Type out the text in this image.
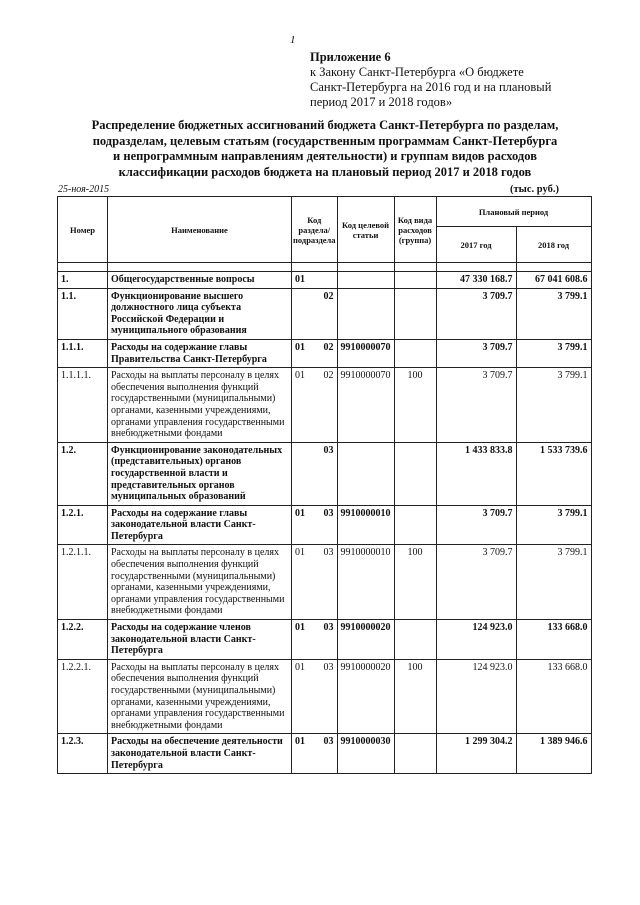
1
Приложение 6
к Закону Санкт-Петербурга «О бюджете
Санкт-Петербурга на 2016 год и на плановый
период 2017 и 2018 годов»
Распределение бюджетных ассигнований бюджета Санкт-Петербурга по разделам,
подразделам, целевым статьям (государственным программам Санкт-Петербурга
и непрограммным направлениям деятельности) и группам видов расходов
классификации расходов бюджета на плановый период 2017 и 2018 годов
25-ноя-2015	(тыс. руб.)
Номер	Наименование	Код раздела/ подраздела	Код целевой статьи	Код вида расходов (группа)	Плановый период	
					2017 год	2018 год

1.	Общегосударственные вопросы	01			47 330 168.7	67 041 608.6
1.1.	Функционирование высшего должностного лица субъекта Российской Федерации и муниципального образования	02			3 709.7	3 799.1
1.1.1.	Расходы на содержание главы Правительства Санкт-Петербурга	01 02	9910000070		3 709.7	3 799.1
1.1.1.1.	Расходы на выплаты персоналу в целях обеспечения выполнения функций государственными (муниципальными) органами, казенными учреждениями, органами управления государственными внебюджетными фондами	01 02	9910000070	100	3 709.7	3 799.1
1.2.	Функционирование законодательных (представительных) органов государственной власти и представительных органов муниципальных образований	03			1 433 833.8	1 533 739.6
1.2.1.	Расходы на содержание главы законодательной власти Санкт-Петербурга	01 03	9910000010		3 709.7	3 799.1
1.2.1.1.	Расходы на выплаты персоналу в целях обеспечения выполнения функций государственными (муниципальными) органами, казенными учреждениями, органами управления государственными внебюджетными фондами	01 03	9910000010	100	3 709.7	3 799.1
1.2.2.	Расходы на содержание членов законодательной власти Санкт-Петербурга	01 03	9910000020		124 923.0	133 668.0
1.2.2.1.	Расходы на выплаты персоналу в целях обеспечения выполнения функций государственными (муниципальными) органами, казенными учреждениями, органами управления государственными внебюджетными фондами	01 03	9910000020	100	124 923.0	133 668.0
1.2.3.	Расходы на обеспечение деятельности законодательной власти Санкт-Петербурга	01 03	9910000030		1 299 304.2	1 389 946.6
